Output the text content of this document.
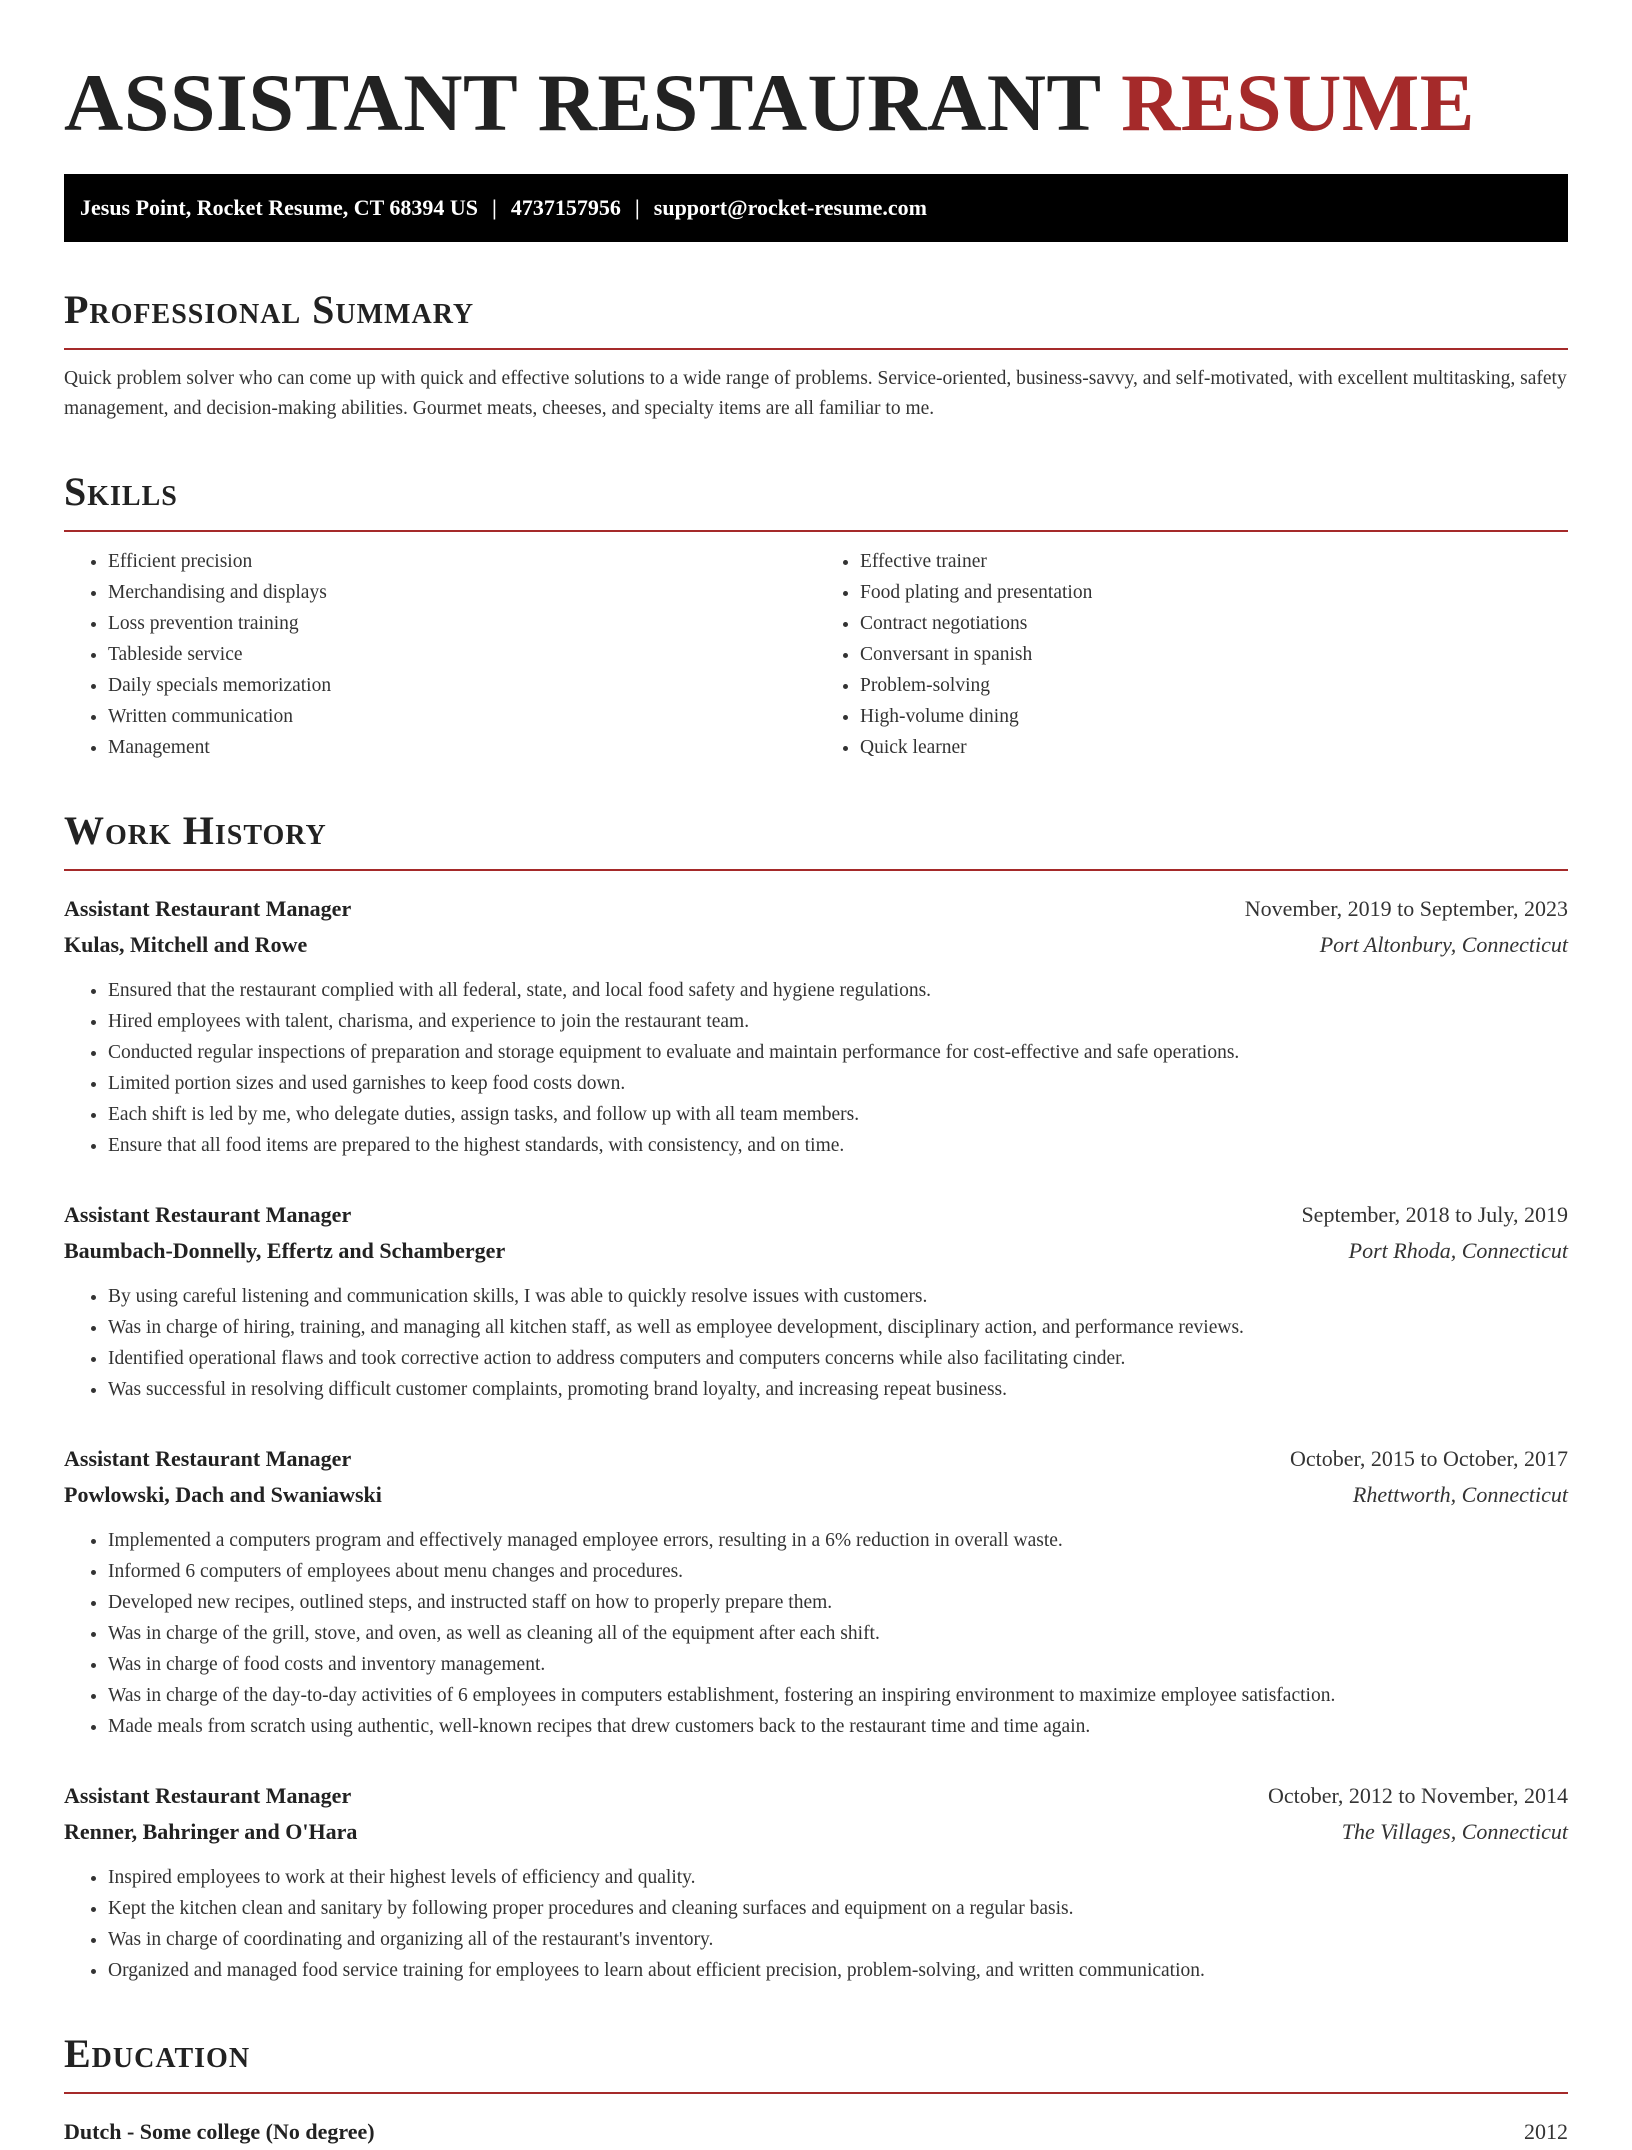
ASSISTANT RESTAURANT RESUME
Jesus Point, Rocket Resume, CT 68394 US | 4737157956 | support@rocket-resume.com
Professional Summary

Quick problem solver who can come up with quick and effective solutions to a wide range of problems. Service-oriented, business-savvy, and self-motivated, with excellent multitasking, safety management, and decision-making abilities. Gourmet meats, cheeses, and specialty items are all familiar to me.

Skills
• Efficient precision
• Merchandising and displays
• Loss prevention training
• Tableside service
• Daily specials memorization
• Written communication
• Management
• Effective trainer
• Food plating and presentation
• Contract negotiations
• Conversant in spanish
• Problem-solving
• High-volume dining
• Quick learner
Work History
Assistant Restaurant Manager	November, 2019 to September, 2023
Kulas, Mitchell and Rowe	Port Altonbury, Connecticut
• Ensured that the restaurant complied with all federal, state, and local food safety and hygiene regulations.
• Hired employees with talent, charisma, and experience to join the restaurant team.
• Conducted regular inspections of preparation and storage equipment to evaluate and maintain performance for cost-effective and safe operations.
• Limited portion sizes and used garnishes to keep food costs down.
• Each shift is led by me, who delegate duties, assign tasks, and follow up with all team members.
• Ensure that all food items are prepared to the highest standards, with consistency, and on time.
Assistant Restaurant Manager	September, 2018 to July, 2019
Baumbach-Donnelly, Effertz and Schamberger	Port Rhoda, Connecticut
• By using careful listening and communication skills, I was able to quickly resolve issues with customers.
• Was in charge of hiring, training, and managing all kitchen staff, as well as employee development, disciplinary action, and performance reviews.
• Identified operational flaws and took corrective action to address computers and computers concerns while also facilitating cinder.
• Was successful in resolving difficult customer complaints, promoting brand loyalty, and increasing repeat business.
Assistant Restaurant Manager	October, 2015 to October, 2017
Powlowski, Dach and Swaniawski	Rhettworth, Connecticut
• Implemented a computers program and effectively managed employee errors, resulting in a 6% reduction in overall waste.
• Informed 6 computers of employees about menu changes and procedures.
• Developed new recipes, outlined steps, and instructed staff on how to properly prepare them.
• Was in charge of the grill, stove, and oven, as well as cleaning all of the equipment after each shift.
• Was in charge of food costs and inventory management.
• Was in charge of the day-to-day activities of 6 employees in computers establishment, fostering an inspiring environment to maximize employee satisfaction.
• Made meals from scratch using authentic, well-known recipes that drew customers back to the restaurant time and time again.
Assistant Restaurant Manager	October, 2012 to November, 2014
Renner, Bahringer and O'Hara	The Villages, Connecticut
• Inspired employees to work at their highest levels of efficiency and quality.
• Kept the kitchen clean and sanitary by following proper procedures and cleaning surfaces and equipment on a regular basis.
• Was in charge of coordinating and organizing all of the restaurant's inventory.
• Organized and managed food service training for employees to learn about efficient precision, problem-solving, and written communication.
Education
Dutch - Some college (No degree)	2012
